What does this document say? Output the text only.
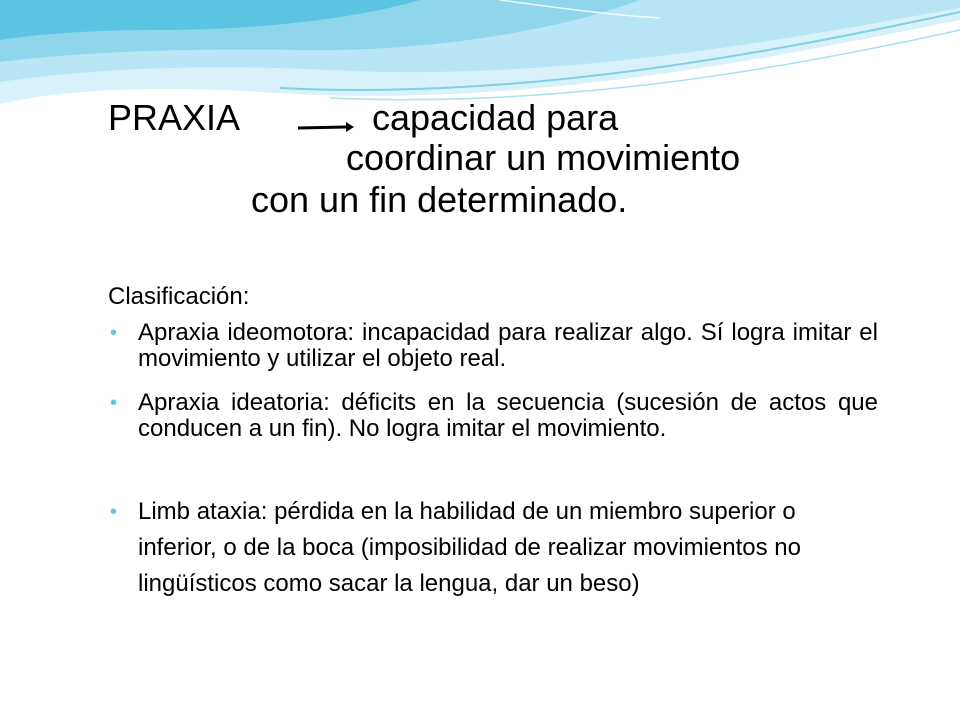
PRAXIA	capacidad para
coordinar un movimiento
con un fin determinado.
Clasificación:
• Apraxia ideomotora: incapacidad para realizar algo. Sí logra imitar el movimiento y utilizar el objeto real.
• Apraxia ideatoria: déficits en la secuencia (sucesión de actos que conducen a un fin). No logra imitar el movimiento.
• Limb ataxia: pérdida en la habilidad de un miembro superior o inferior, o de la boca (imposibilidad de realizar movimientos no lingüísticos como sacar la lengua, dar un beso)
